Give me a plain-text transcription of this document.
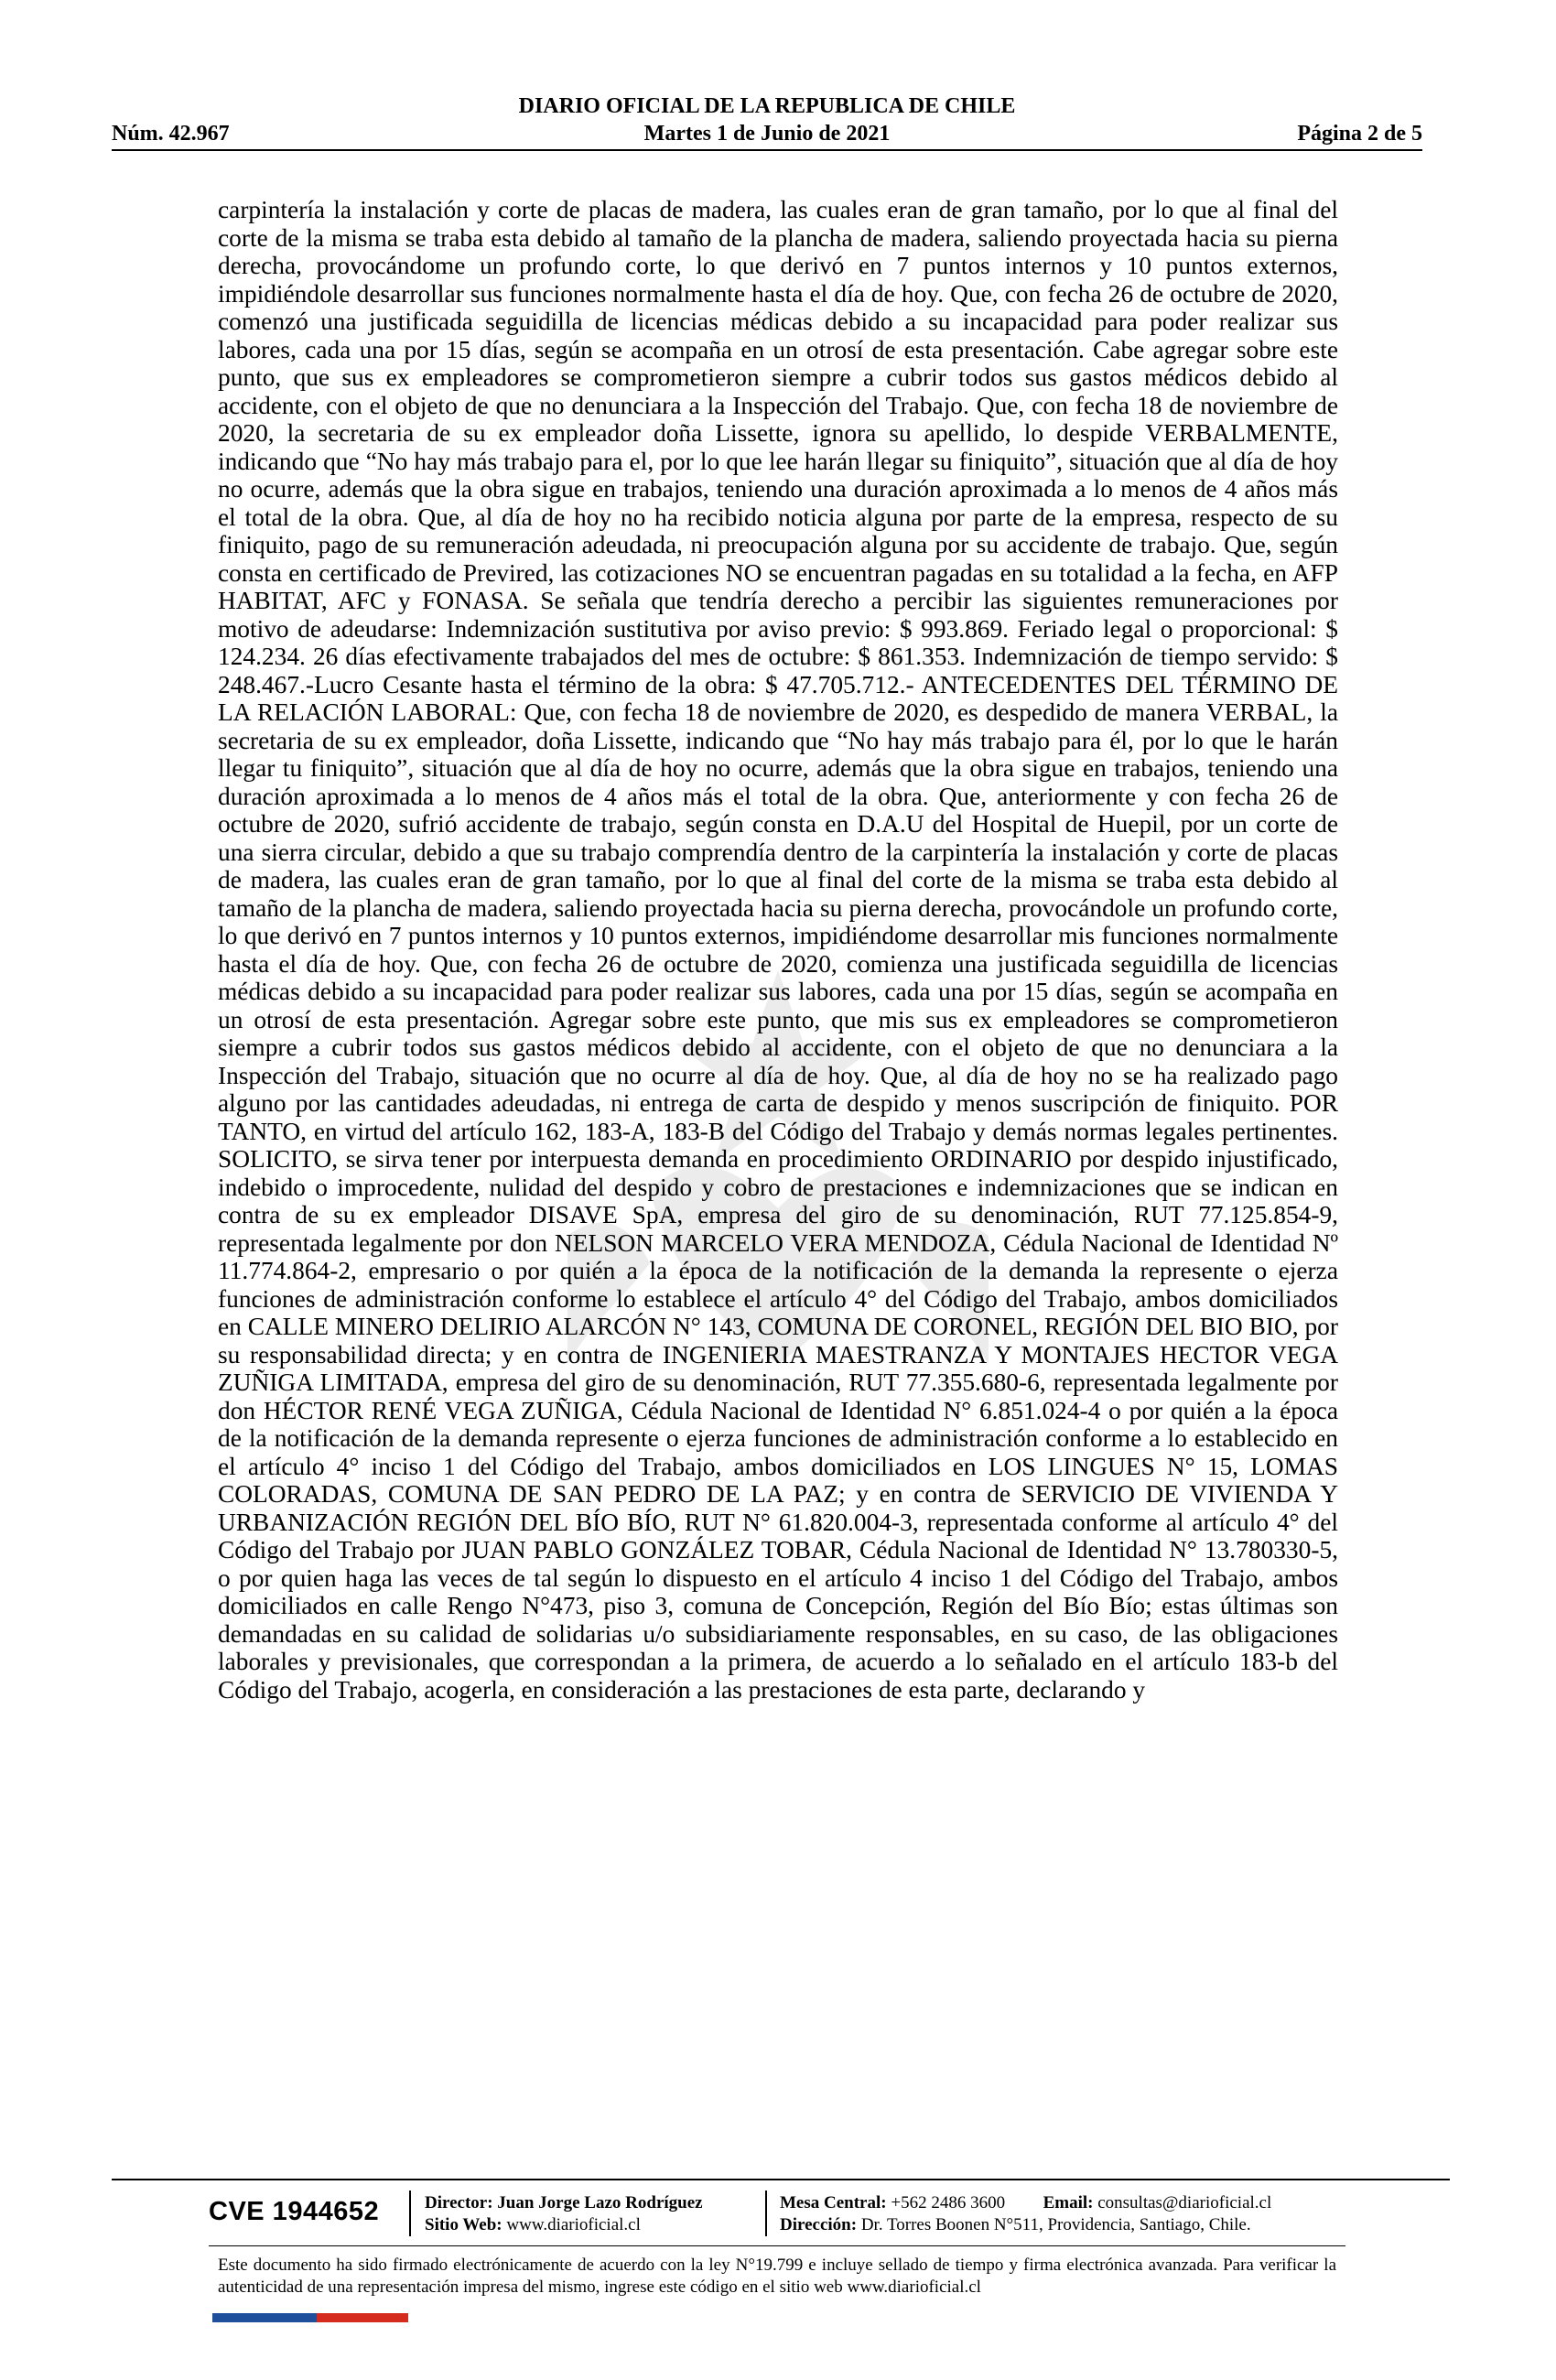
DIARIO OFICIAL DE LA REPUBLICA DE CHILE
Núm. 42.967	Martes 1 de Junio de 2021	Página 2 de 5

carpintería la instalación y corte de placas de madera, las cuales eran de gran tamaño, por lo que al final del corte de la misma se traba esta debido al tamaño de la plancha de madera, saliendo proyectada hacia su pierna derecha, provocándome un profundo corte, lo que derivó en 7 puntos internos y 10 puntos externos, impidiéndole desarrollar sus funciones normalmente hasta el día de hoy. Que, con fecha 26 de octubre de 2020, comenzó una justificada seguidilla de licencias médicas debido a su incapacidad para poder realizar sus labores, cada una por 15 días, según se acompaña en un otrosí de esta presentación. Cabe agregar sobre este punto, que sus ex empleadores se comprometieron siempre a cubrir todos sus gastos médicos debido al accidente, con el objeto de que no denunciara a la Inspección del Trabajo. Que, con fecha 18 de noviembre de 2020, la secretaria de su ex empleador doña Lissette, ignora su apellido, lo despide VERBALMENTE, indicando que “No hay más trabajo para el, por lo que lee harán llegar su finiquito”, situación que al día de hoy no ocurre, además que la obra sigue en trabajos, teniendo una duración aproximada a lo menos de 4 años más el total de la obra. Que, al día de hoy no ha recibido noticia alguna por parte de la empresa, respecto de su finiquito, pago de su remuneración adeudada, ni preocupación alguna por su accidente de trabajo. Que, según consta en certificado de Previred, las cotizaciones NO se encuentran pagadas en su totalidad a la fecha, en AFP HABITAT, AFC y FONASA. Se señala que tendría derecho a percibir las siguientes remuneraciones por motivo de adeudarse: Indemnización sustitutiva por aviso previo: $ 993.869. Feriado legal o proporcional: $ 124.234. 26 días efectivamente trabajados del mes de octubre: $ 861.353. Indemnización de tiempo servido: $ 248.467.-Lucro Cesante hasta el término de la obra: $ 47.705.712.- ANTECEDENTES DEL TÉRMINO DE LA RELACIÓN LABORAL: Que, con fecha 18 de noviembre de 2020, es despedido de manera VERBAL, la secretaria de su ex empleador, doña Lissette, indicando que “No hay más trabajo para él, por lo que le harán llegar tu finiquito”, situación que al día de hoy no ocurre, además que la obra sigue en trabajos, teniendo una duración aproximada a lo menos de 4 años más el total de la obra. Que, anteriormente y con fecha 26 de octubre de 2020, sufrió accidente de trabajo, según consta en D.A.U del Hospital de Huepil, por un corte de una sierra circular, debido a que su trabajo comprendía dentro de la carpintería la instalación y corte de placas de madera, las cuales eran de gran tamaño, por lo que al final del corte de la misma se traba esta debido al tamaño de la plancha de madera, saliendo proyectada hacia su pierna derecha, provocándole un profundo corte, lo que derivó en 7 puntos internos y 10 puntos externos, impidiéndome desarrollar mis funciones normalmente hasta el día de hoy. Que, con fecha 26 de octubre de 2020, comienza una justificada seguidilla de licencias médicas debido a su incapacidad para poder realizar sus labores, cada una por 15 días, según se acompaña en un otrosí de esta presentación. Agregar sobre este punto, que mis sus ex empleadores se comprometieron siempre a cubrir todos sus gastos médicos debido al accidente, con el objeto de que no denunciara a la Inspección del Trabajo, situación que no ocurre al día de hoy. Que, al día de hoy no se ha realizado pago alguno por las cantidades adeudadas, ni entrega de carta de despido y menos suscripción de finiquito. POR TANTO, en virtud del artículo 162, 183-A, 183-B del Código del Trabajo y demás normas legales pertinentes. SOLICITO, se sirva tener por interpuesta demanda en procedimiento ORDINARIO por despido injustificado, indebido o improcedente, nulidad del despido y cobro de prestaciones e indemnizaciones que se indican en contra de su ex empleador DISAVE SpA, empresa del giro de su denominación, RUT 77.125.854-9, representada legalmente por don NELSON MARCELO VERA MENDOZA, Cédula Nacional de Identidad Nº 11.774.864-2, empresario o por quién a la época de la notificación de la demanda la represente o ejerza funciones de administración conforme lo establece el artículo 4° del Código del Trabajo, ambos domiciliados en CALLE MINERO DELIRIO ALARCÓN N° 143, COMUNA DE CORONEL, REGIÓN DEL BIO BIO, por su responsabilidad directa; y en contra de INGENIERIA MAESTRANZA Y MONTAJES HECTOR VEGA ZUÑIGA LIMITADA, empresa del giro de su denominación, RUT 77.355.680-6, representada legalmente por don HÉCTOR RENÉ VEGA ZUÑIGA, Cédula Nacional de Identidad N° 6.851.024-4 o por quién a la época de la notificación de la demanda represente o ejerza funciones de administración conforme a lo establecido en el artículo 4° inciso 1 del Código del Trabajo, ambos domiciliados en LOS LINGUES N° 15, LOMAS COLORADAS, COMUNA DE SAN PEDRO DE LA PAZ; y en contra de SERVICIO DE VIVIENDA Y URBANIZACIÓN REGIÓN DEL BÍO BÍO, RUT N° 61.820.004-3, representada conforme al artículo 4° del Código del Trabajo por JUAN PABLO GONZÁLEZ TOBAR, Cédula Nacional de Identidad N° 13.780330-5, o por quien haga las veces de tal según lo dispuesto en el artículo 4 inciso 1 del Código del Trabajo, ambos domiciliados en calle Rengo N°473, piso 3, comuna de Concepción, Región del Bío Bío; estas últimas son demandadas en su calidad de solidarias u/o subsidiariamente responsables, en su caso, de las obligaciones laborales y previsionales, que correspondan a la primera, de acuerdo a lo señalado en el artículo 183-b del Código del Trabajo, acogerla, en consideración a las prestaciones de esta parte, declarando y

CVE 1944652	Director: Juan Jorge Lazo Rodríguez
Sitio Web: www.diarioficial.cl
Mesa Central: +562 2486 3600 Email: consultas@diarioficial.cl
Dirección: Dr. Torres Boonen N°511, Providencia, Santiago, Chile.
Este documento ha sido firmado electrónicamente de acuerdo con la ley N°19.799 e incluye sellado de tiempo y firma electrónica avanzada. Para verificar la autenticidad de una representación impresa del mismo, ingrese este código en el sitio web www.diarioficial.cl
